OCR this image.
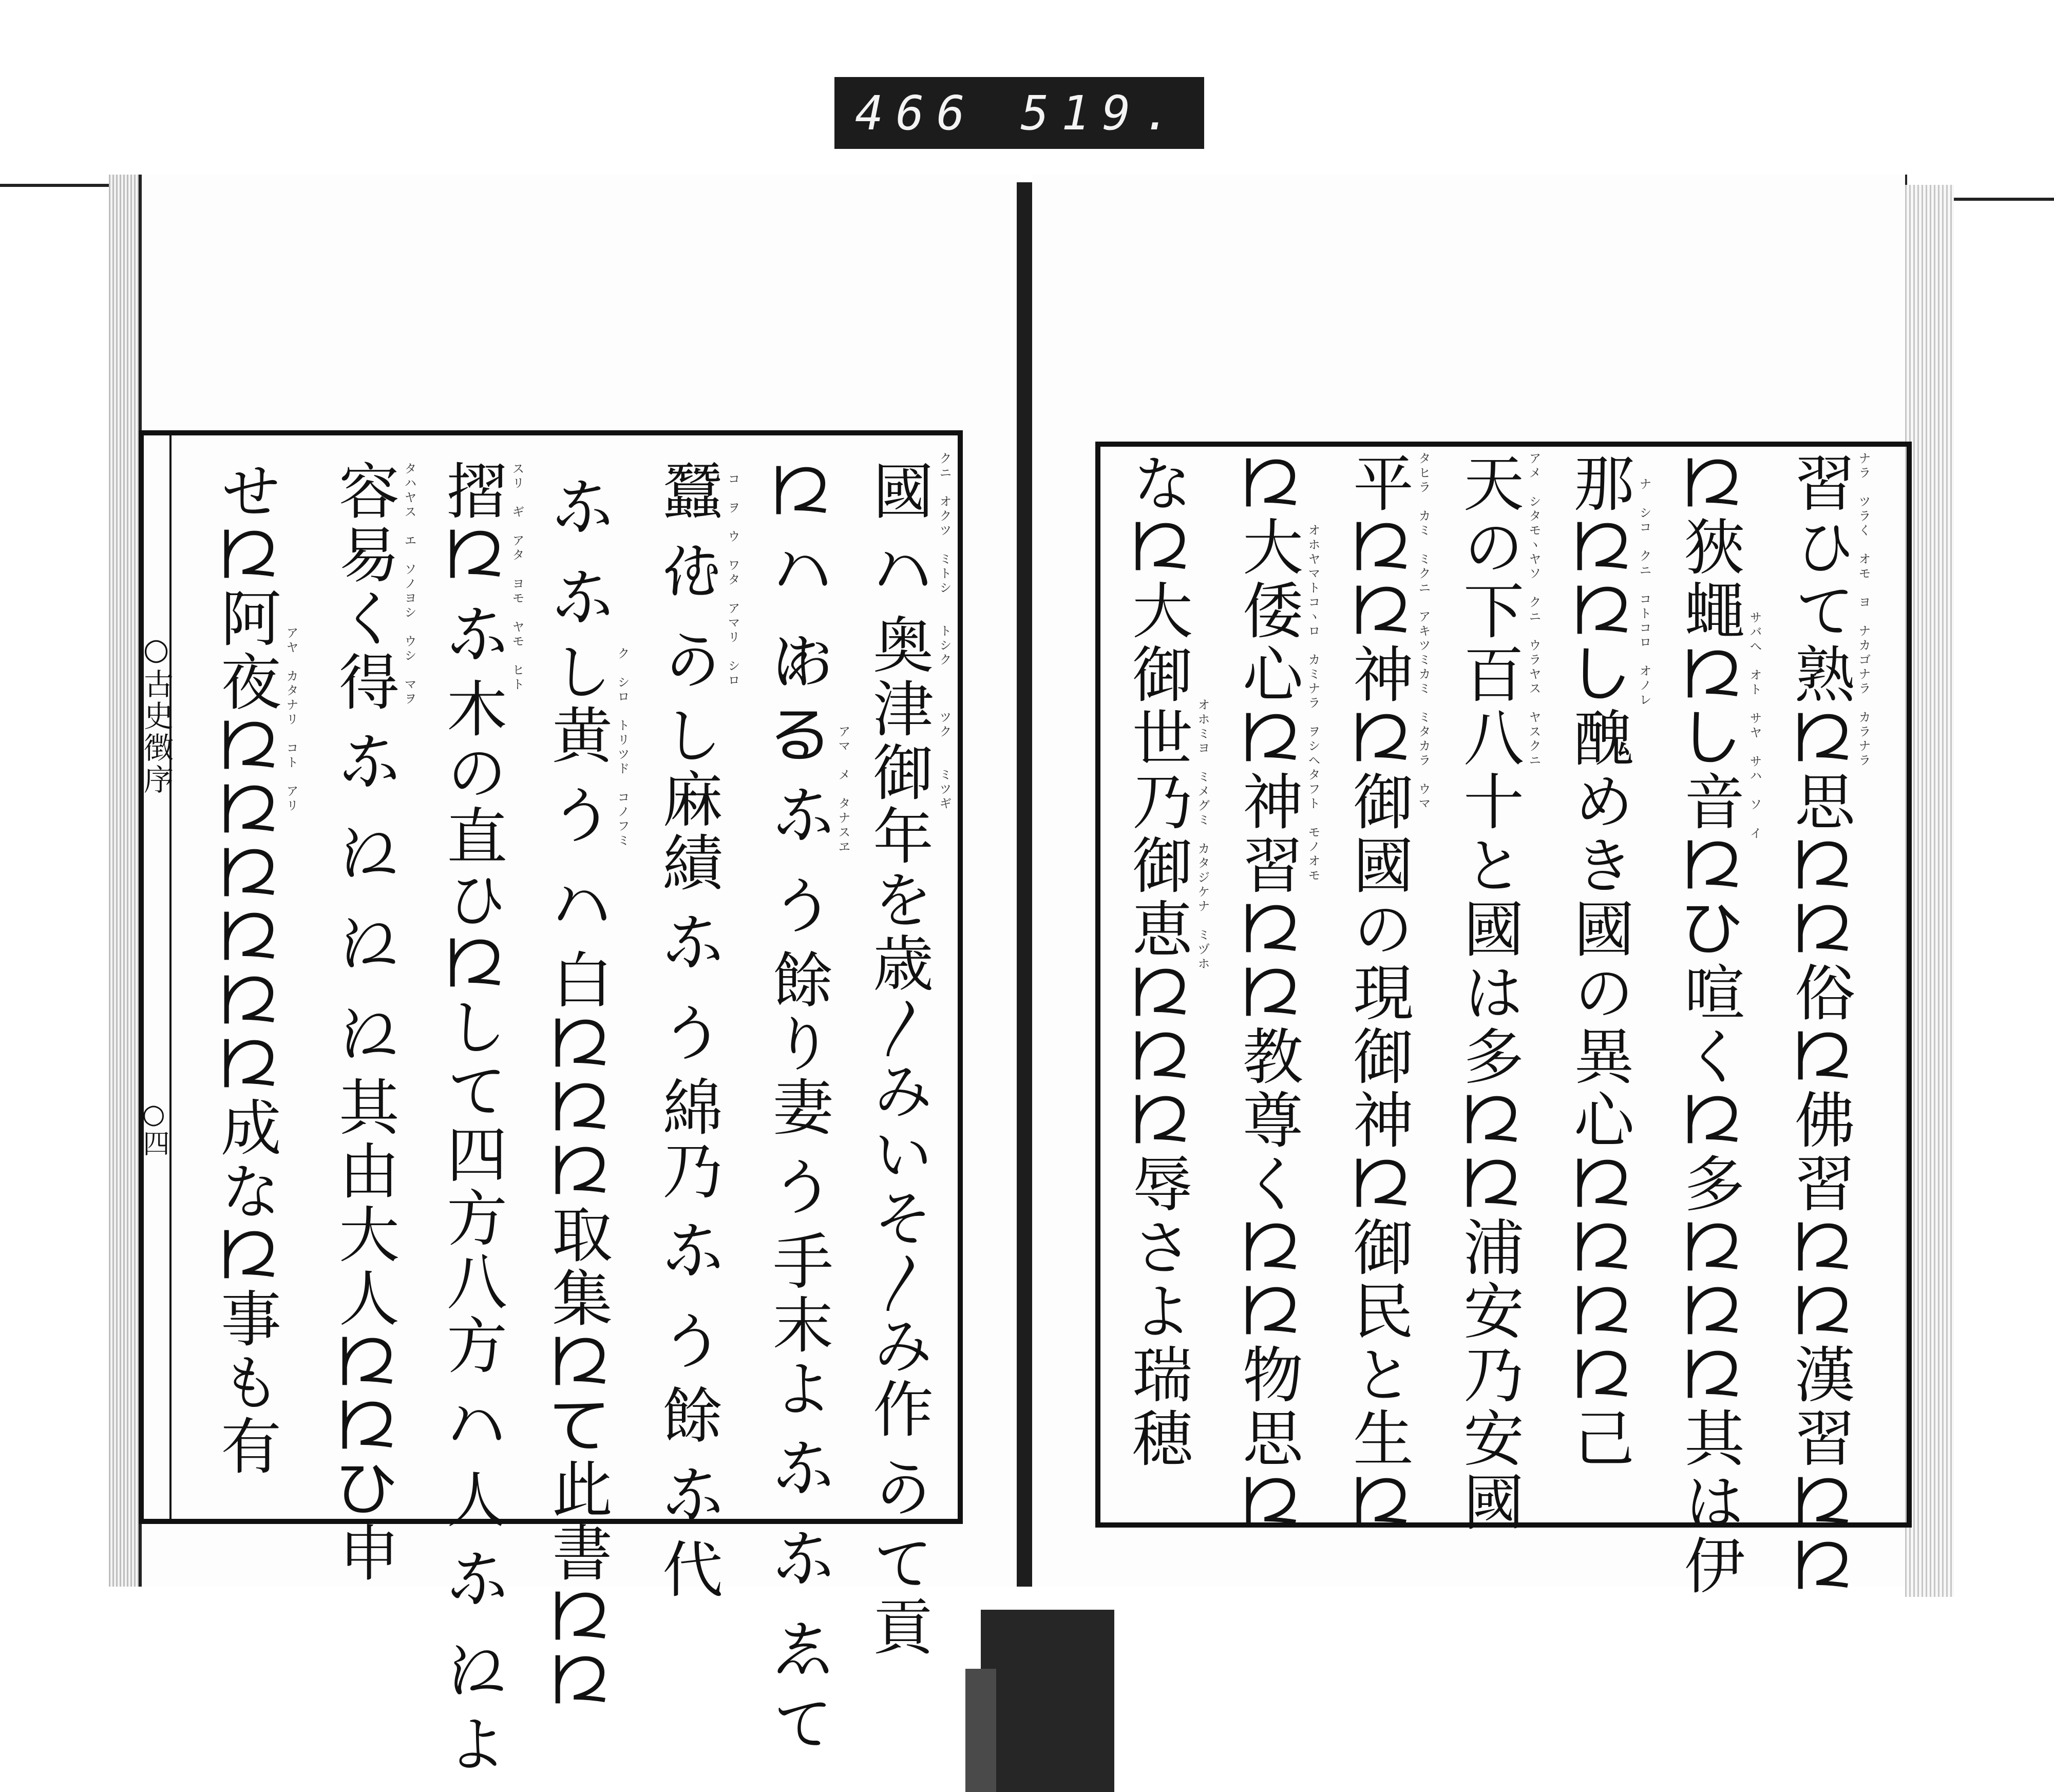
466 519.
○古史徴序
○四	國𛂞奥津御年を歳〳みいそ〳み作𛀙て貢 クニ　オクツ　ミトシ　　トシク　　　ツク　　ミツギ
𛀁𛂞𛄓る𛂁𛀚餘り妻𛀚手末よ𛂁𛂁𛁈て 　　　　アマ　メ　タナスヱ
蠶𛀗𛀙し麻績𛂁𛀚綿乃𛂁𛀚餘𛂁代 コ　ヲ　ウ　ワタ　アマリ　シロ
𛂁𛂁し黄𛀚𛂞白𛀁𛀁𛀁取集𛀁て此書𛀁𛀁 ク　シロ　トリツド　コノフミ
摺𛀁𛂁木の直ひ𛀁して四方八方𛂞人𛂁𛀁よ スリ　ギ　アタ　ヨモ　ヤモ　ヒト
容易く得𛂁𛀁𛀁𛀁其由大人𛀁𛀁ひ申 タハヤス　エ　ソノヨシ　ウシ　マヲ
せ𛀁阿夜𛀁𛀁𛀁𛀁𛀁𛀁成な𛀁事も有 アヤ　カタナリ　コト　アリ	習ひて熟𛀁思𛀁𛀁俗𛀁佛習𛀁𛀁漢習𛀁𛀁 ナラ　ツラく　オモ　ヨ　ナカゴナラ　カラナラ
𛀁狹蠅𛀁し音𛀁ひ喧く𛀁多𛀁𛀁𛀁其は伊 サバへ　オト　サヤ　サハ　ソ　イ
那𛀁𛀁し醜めき國の異心𛀁𛀁𛀁𛀁己 ナ　シコ　クニ　コトコロ　オノレ
天の下百八十と國は多𛀁𛀁浦安乃安國 アメ　シタモヽヤソ　クニ　ウラヤス　ヤスクニ
平𛀁𛀁神𛀁御國の現御神𛀁御民と生𛀁 タヒラ　カミ　ミクニ　アキツミカミ　ミタカラ　ウマ
𛀁大倭心𛀁神習𛀁𛀁教尊く𛀁𛀁物思𛀁 オホヤマトコヽロ　カミナラ　ヲシヘタフト　モノオモ
な𛀁大御世乃御恵𛀁𛀁𛀁辱さよ瑞穂 オホミヨ　ミメグミ　カタジケナ　ミヅホ
